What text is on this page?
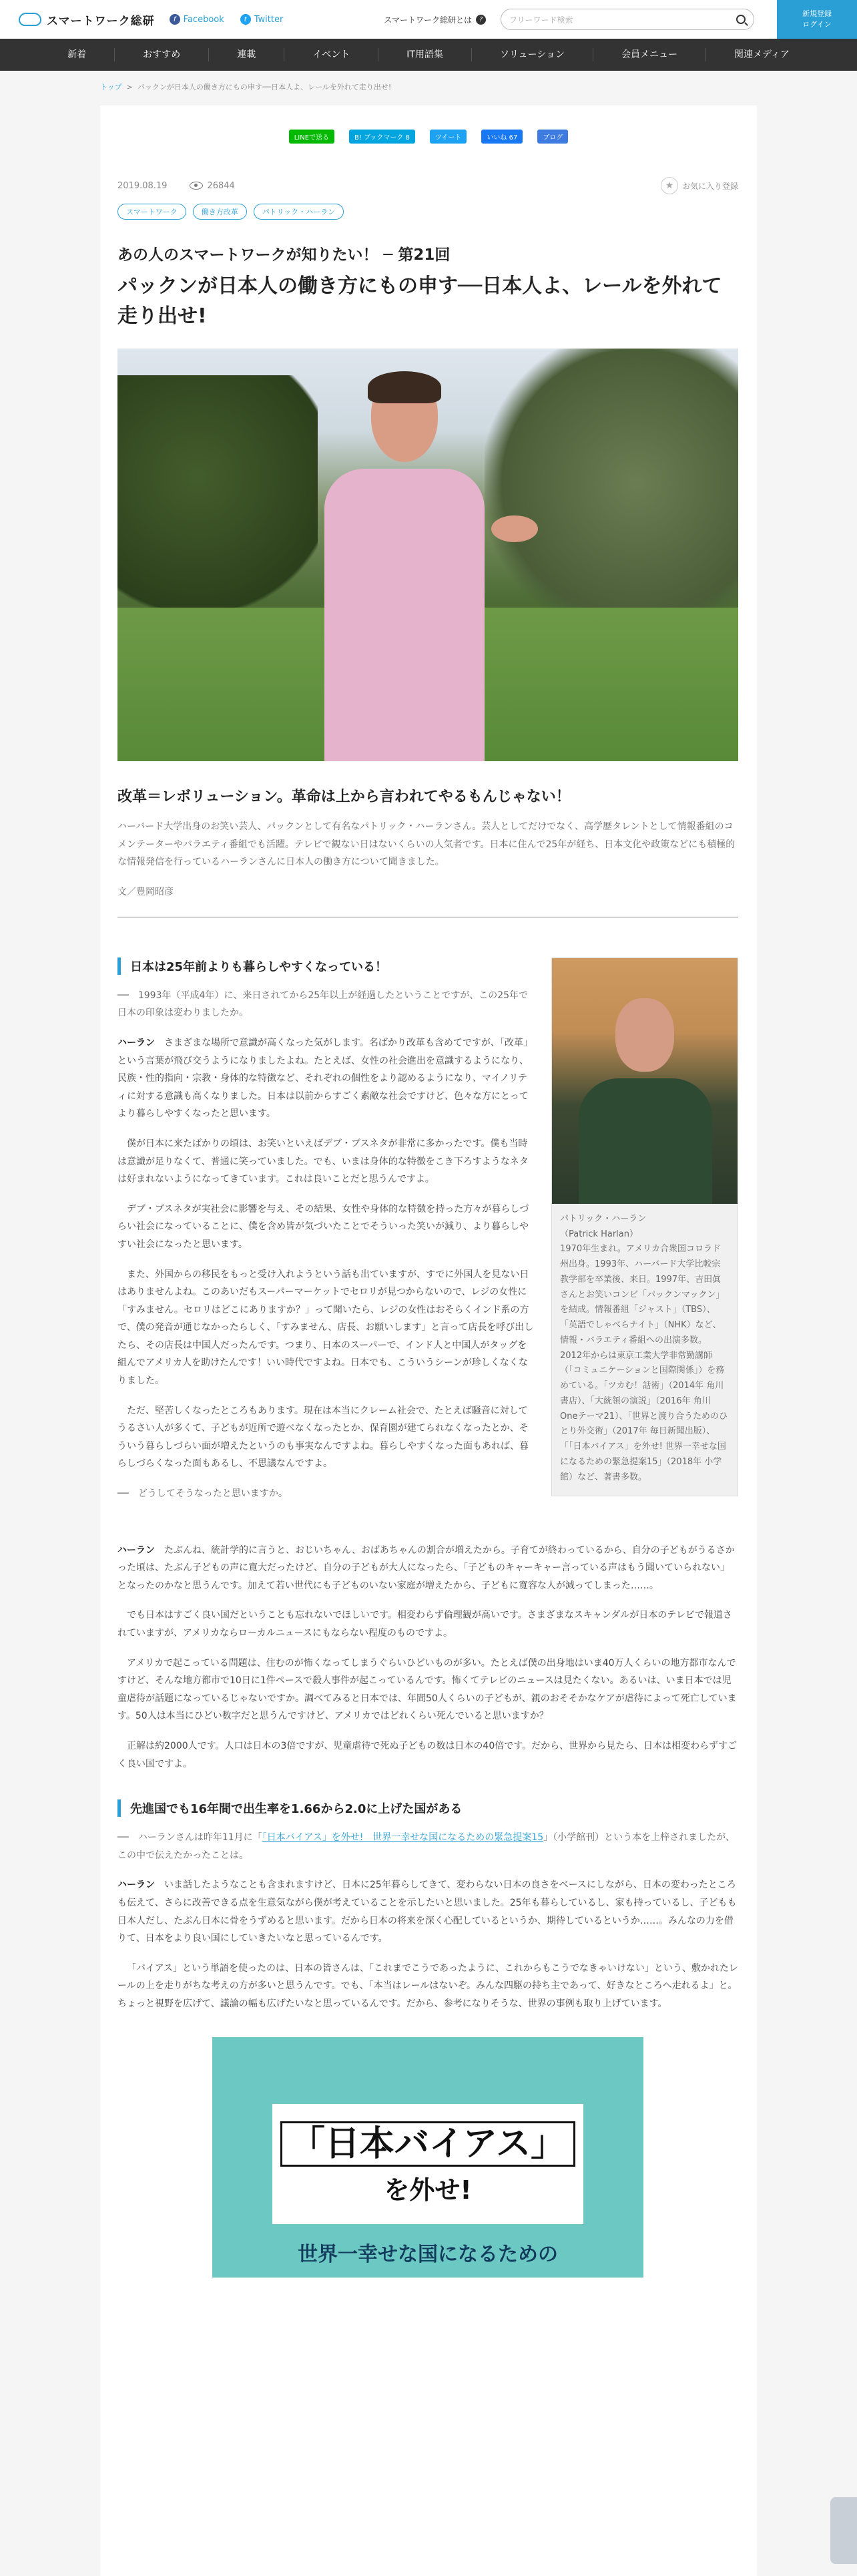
スマートワーク総研	f Facebook	t Twitter	スマートワーク総研とは	?	フリーワード検索
新規登録
ログイン
新着	おすすめ	連載	イベント	IT用語集	ソリューション	会員メニュー	関連メディア
トップ > パックンが日本人の働き方にもの申す──日本人よ、レールを外れて走り出せ!
LINEで送る	B! ブックマーク 8	ツイート	いいね 67	ブログ
2019.08.19	26844	★	お気に入り登録
スマートワーク	働き方改革	パトリック・ハーラン
あの人のスマートワークが知りたい！ ─ 第21回
パックンが日本人の働き方にもの申す──日本人よ、レールを外れて走り出せ!
改革＝レボリューション。革命は上から言われてやるもんじゃない！

ハーバード大学出身のお笑い芸人、パックンとして有名なパトリック・ハーランさん。芸人としてだけでなく、高学歴タレントとして情報番組のコメンテーターやバラエティ番組でも活躍。テレビで観ない日はないくらいの人気者です。日本に住んで25年が経ち、日本文化や政策などにも積極的な情報発信を行っているハーランさんに日本人の働き方について聞きました。

文／豊岡昭彦

日本は25年前よりも暮らしやすくなっている！

──　1993年（平成4年）に、来日されてから25年以上が経過したということですが、この25年で日本の印象は変わりましたか。

ハーラン　 さまざまな場所で意識が高くなった気がします。名ばかり改革も含めてですが、「改革」という言葉が飛び交うようになりましたよね。たとえば、女性の社会進出を意識するようになり、民族・性的指向・宗教・身体的な特徴など、それぞれの個性をより認めるようになり、マイノリティに対する意識も高くなりました。日本は以前からすごく素敵な社会ですけど、色々な方にとってより暮らしやすくなったと思います。

僕が日本に来たばかりの頃は、お笑いといえばデブ・ブスネタが非常に多かったです。僕も当時は意識が足りなくて、普通に笑っていました。でも、いまは身体的な特徴をこき下ろすようなネタは好まれないようになってきています。これは良いことだと思うんですよ。

デブ・ブスネタが実社会に影響を与え、その結果、女性や身体的な特徴を持った方々が暮らしづらい社会になっていることに、僕を含め皆が気づいたことでそういった笑いが減り、より暮らしやすい社会になったと思います。

また、外国からの移民をもっと受け入れようという話も出ていますが、すでに外国人を見ない日はありませんよね。このあいだもスーパーマーケットでセロリが見つからないので、レジの女性に「すみません。セロリはどこにありますか？」って聞いたら、レジの女性はおそらくインド系の方で、僕の発音が通じなかったらしく、「すみません、店長、お願いします」と言って店長を呼び出したら、その店長は中国人だったんです。つまり、日本のスーパーで、インド人と中国人がタッグを組んでアメリカ人を助けたんです！いい時代ですよね。日本でも、こういうシーンが珍しくなくなりました。

ただ、堅苦しくなったところもあります。現在は本当にクレーム社会で、たとえば騒音に対してうるさい人が多くて、子どもが近所で遊べなくなったとか、保育園が建てられなくなったとか、そういう暮らしづらい面が増えたというのも事実なんですよね。暮らしやすくなった面もあれば、暮らしづらくなった面もあるし、不思議なんですよ。

──　どうしてそうなったと思いますか。

パトリック・ハーラン
（Patrick Harlan）
1970年生まれ。アメリカ合衆国コロラド州出身。1993年、ハーバード大学比較宗教学部を卒業後、来日。1997年、吉田眞さんとお笑いコンビ「パックンマックン」を結成。情報番組「ジャスト」（TBS）、「英語でしゃべらナイト」（NHK）など、情報・バラエティ番組への出演多数。2012年からは東京工業大学非常勤講師（「コミュニケーションと国際関係」）を務めている。「ツカむ！話術」（2014年 角川書店）、「大統領の演説」（2016年 角川Oneテーマ21）、「世界と渡り合うためのひとり外交術」（2017年 毎日新聞出版）、「「日本バイアス」を外せ! 世界一幸せな国になるための緊急提案15」（2018年 小学館）など、著書多数。

ハーラン　 たぶんね、統計学的に言うと、おじいちゃん、おばあちゃんの割合が増えたから。子育てが終わっているから、自分の子どもがうるさかった頃は、たぶん子どもの声に寛大だったけど、自分の子どもが大人になったら、「子どものキャーキャー言っている声はもう聞いていられない」となったのかなと思うんです。加えて若い世代にも子どものいない家庭が増えたから、子どもに寛容な人が減ってしまった……。

でも日本はすごく良い国だということも忘れないでほしいです。相変わらず倫理観が高いです。さまざまなスキャンダルが日本のテレビで報道されていますが、アメリカならローカルニュースにもならない程度のものですよ。

アメリカで起こっている問題は、住むのが怖くなってしまうぐらいひどいものが多い。たとえば僕の出身地はいま40万人くらいの地方都市なんですけど、そんな地方都市で10日に1件ペースで殺人事件が起こっているんです。怖くてテレビのニュースは見たくない。あるいは、いま日本では児童虐待が話題になっているじゃないですか。調べてみると日本では、年間50人くらいの子どもが、親のおそそかなケアが虐待によって死亡しています。50人は本当にひどい数字だと思うんですけど、アメリカではどれくらい死んでいると思いますか？

正解は約2000人です。人口は日本の3倍ですが、児童虐待で死ぬ子どもの数は日本の40倍です。だから、世界から見たら、日本は相変わらずすごく良い国ですよ。

先進国でも16年間で出生率を1.66から2.0に上げた国がある

──　ハーランさんは昨年11月に「「日本バイアス」を外せ!　世界一幸せな国になるための緊急提案15」（小学館刊）という本を上梓されましたが、この中で伝えたかったことは。

ハーラン　 いま話したようなことも含まれますけど、日本に25年暮らしてきて、変わらない日本の良さをベースにしながら、日本の変わったところも伝えて、さらに改善できる点を生意気ながら僕が考えていることを示したいと思いました。25年も暮らしているし、家も持っているし、子どもも日本人だし、たぶん日本に骨をうずめると思います。だから日本の将来を深く心配しているというか、期待しているというか……。みんなの力を借りて、日本をより良い国にしていきたいなと思っているんです。

「バイアス」という単語を使ったのは、日本の皆さんは、「これまでこうであったように、これからもこうでなきゃいけない」という、敷かれたレールの上を走りがちな考えの方が多いと思うんです。でも、「本当はレールはないぞ。みんな四駆の持ち主であって、好きなところへ走れるよ」と。ちょっと視野を広げて、議論の幅も広げたいなと思っているんです。だから、参考になりそうな、世界の事例も取り上げています。

「日本バイアス」
を外せ!
世界一幸せな国になるための
